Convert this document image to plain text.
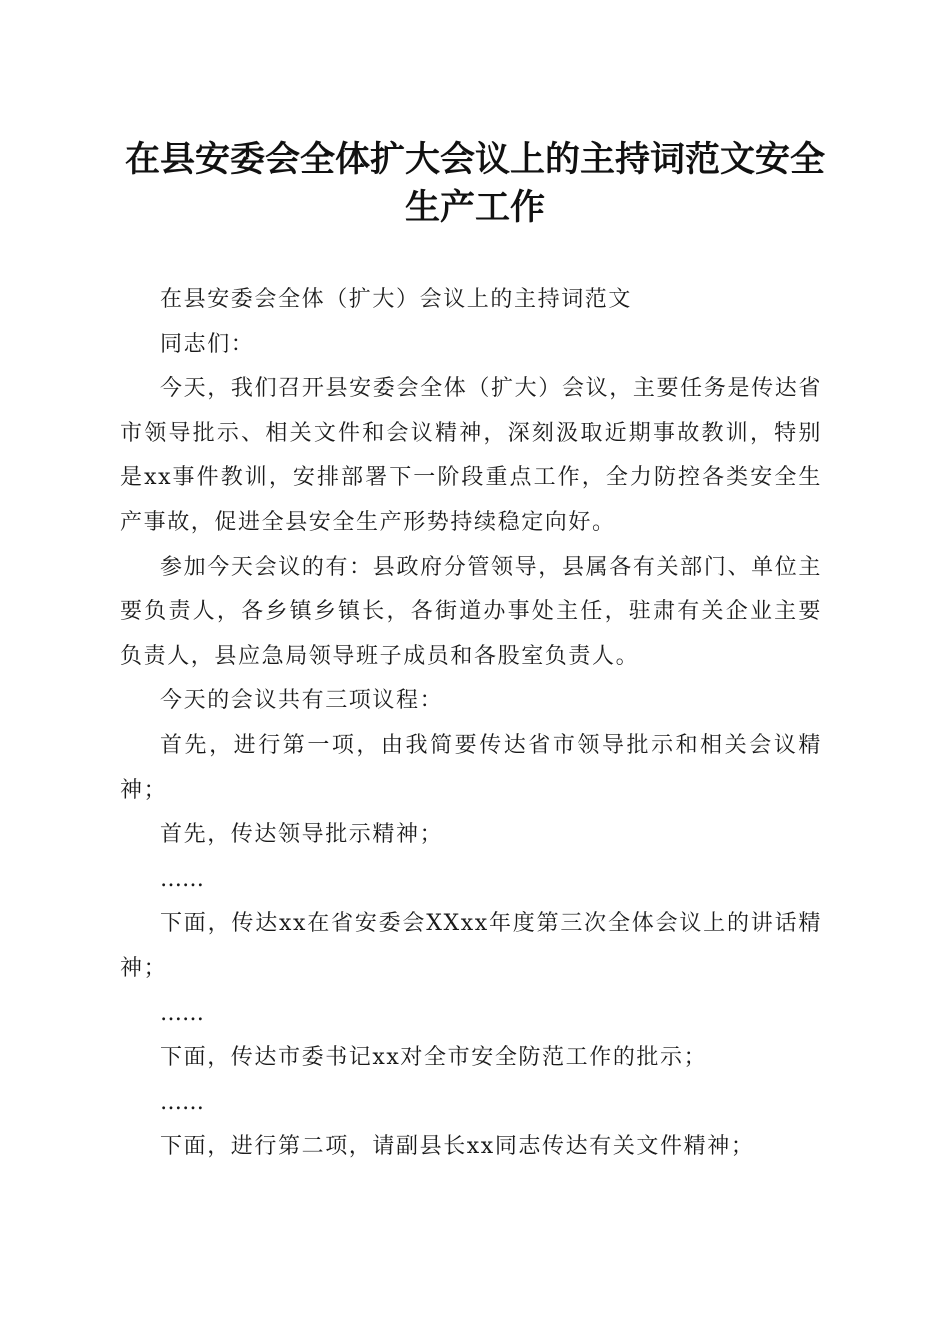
在县安委会全体扩大会议上的主持词范文安全生产工作

在县安委会全体（扩大）会议上的主持词范文

同志们：

今天，我们召开县安委会全体（扩大）会议，主要任务是传达省市领导批示、相关文件和会议精神，深刻汲取近期事故教训，特别是xx事件教训，安排部署下一阶段重点工作，全力防控各类安全生产事故，促进全县安全生产形势持续稳定向好。

参加今天会议的有：县政府分管领导，县属各有关部门、单位主要负责人，各乡镇乡镇长，各街道办事处主任，驻肃有关企业主要负责人，县应急局领导班子成员和各股室负责人。

今天的会议共有三项议程：

首先，进行第一项，由我简要传达省市领导批示和相关会议精神；

首先，传达领导批示精神；

……

下面，传达xx在省安委会XXxx年度第三次全体会议上的讲话精神；

……

下面，传达市委书记xx对全市安全防范工作的批示；

……

下面，进行第二项，请副县长xx同志传达有关文件精神；
